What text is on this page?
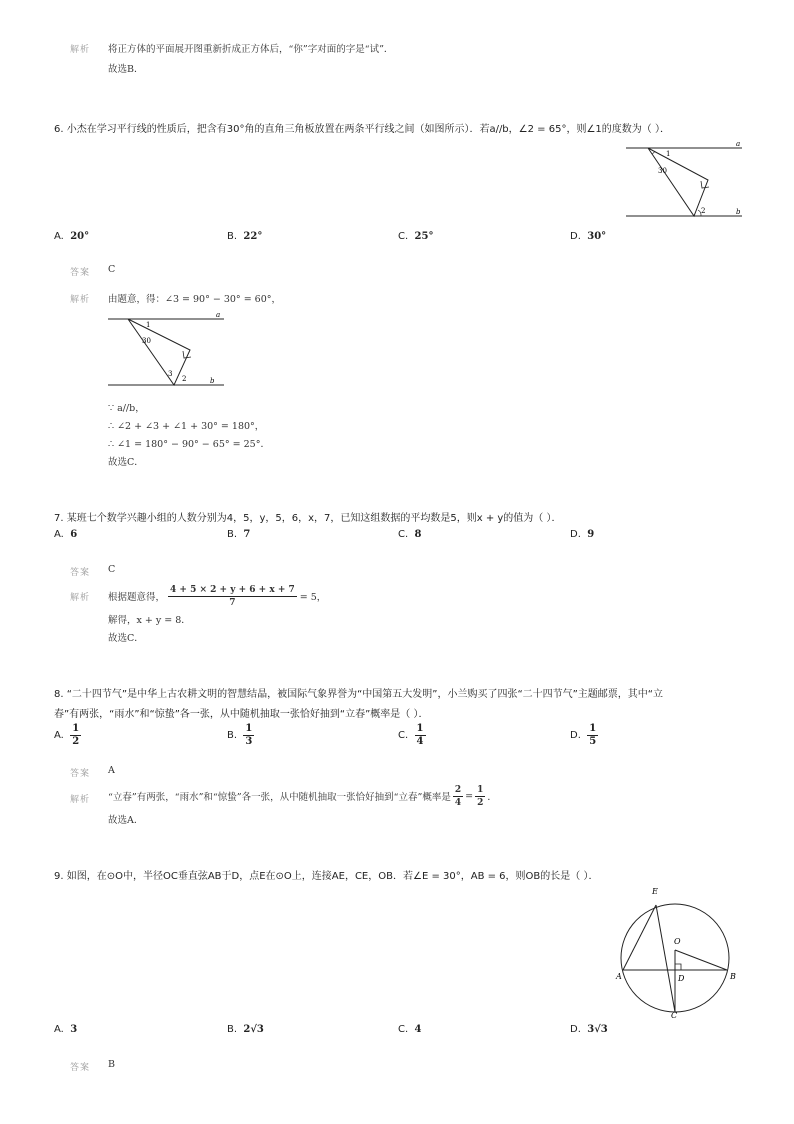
解析 将正方体的平面展开图重新折成正方体后，“你”字对面的字是“试”．
故选B．
6. 小杰在学习平行线的性质后，把含有30°角的直角三角板放置在两条平行线之间（如图所示）．若a//b，∠2 = 65°，则∠1的度数为（ ）．
a
b
1
30
2
A. 20°	B. 22°	C. 25°	D. 30°
答案 C
解析 由题意，得：∠3 = 90° − 30° = 60°，
a
b
1
30
3
2
∵ a//b，
∴ ∠2 + ∠3 + ∠1 + 30° = 180°，
∴ ∠1 = 180° − 90° − 65° = 25°．
故选C．
7. 某班七个数学兴趣小组的人数分别为4，5，y，5，6，x，7，已知这组数据的平均数是5，则x + y的值为（ ）．
A. 6	B. 7	C. 8	D. 9
答案 C
解析 根据题意得， $\frac{4 + 5 \times 2 + y + 6 + x + 7}{7} = 5$，
解得，x + y = 8．
故选C．
8. “二十四节气”是中华上古农耕文明的智慧结晶，被国际气象界誉为“中国第五大发明”，小兰购买了四张“二十四节气”主题邮票，其中“立
春”有两张，“雨水”和“惊蛰”各一张，从中随机抽取一张恰好抽到“立春”概率是（ ）．
A.
$\frac{1}{2}$	B.
$\frac{1}{3}$	C.
$\frac{1}{4}$	D.
$\frac{1}{5}$
答案 A
解析 “立春”有两张，“雨水”和“惊蛰”各一张，从中随机抽取一张恰好抽到“立春”概率是 $\frac{2}{4} = \frac{1}{2}$ ．
故选A．
9. 如图，在⊙O中，半径OC垂直弦AB于D，点E在⊙O上，连接AE，CE，OB．若∠E = 30°，AB = 6，则OB的长是（ ）．
E
O
A	B
D
C
A. 3	B. 2√3	C. 4	D. 3√3
答案 B
